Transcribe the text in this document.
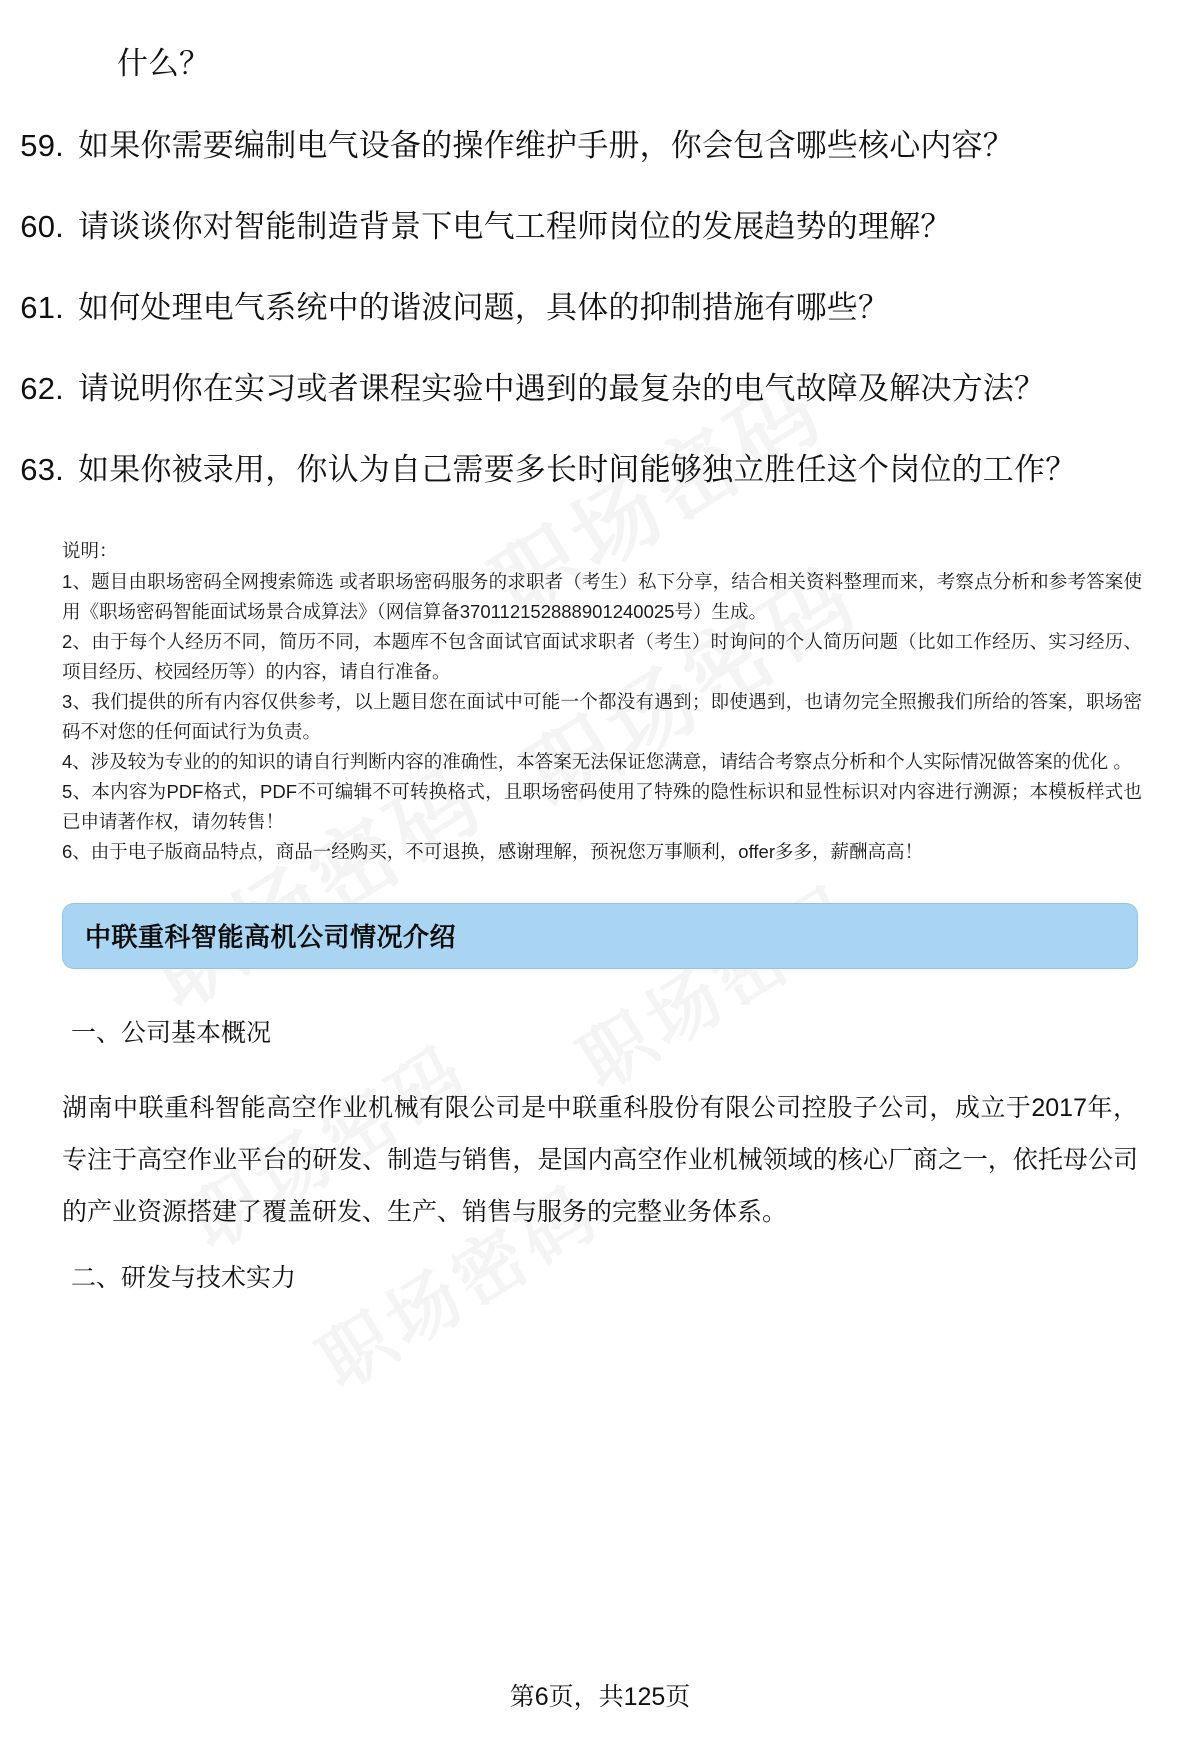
什么？
59. 如果你需要编制电气设备的操作维护手册，你会包含哪些核心内容？
60. 请谈谈你对智能制造背景下电气工程师岗位的发展趋势的理解？
61. 如何处理电气系统中的谐波问题，具体的抑制措施有哪些？
62. 请说明你在实习或者课程实验中遇到的最复杂的电气故障及解决方法？
63. 如果你被录用，你认为自己需要多长时间能够独立胜任这个岗位的工作？

说明：

1、题目由职场密码全网搜索筛选 或者职场密码服务的求职者（考生）私下分享，结合相关资料整理而来，考察点分析和参考答案使用《职场密码智能面试场景合成算法》（网信算备370112152888901240025号）生成。

2、由于每个人经历不同，简历不同，本题库不包含面试官面试求职者（考生）时询问的个人简历问题（比如工作经历、实习经历、项目经历、校园经历等）的内容，请自行准备。

3、我们提供的所有内容仅供参考，以上题目您在面试中可能一个都没有遇到；即使遇到，也请勿完全照搬我们所给的答案，职场密码不对您的任何面试行为负责。

4、涉及较为专业的的知识的请自行判断内容的准确性，本答案无法保证您满意，请结合考察点分析和个人实际情况做答案的优化 。

5、本内容为PDF格式，PDF不可编辑不可转换格式，且职场密码使用了特殊的隐性标识和显性标识对内容进行溯源；本模板样式也已申请著作权，请勿转售！

6、由于电子版商品特点，商品一经购买，不可退换，感谢理解，预祝您万事顺利，offer多多，薪酬高高！

中联重科智能高机公司情况介绍
一、公司基本概况
湖南中联重科智能高空作业机械有限公司是中联重科股份有限公司控股子公司，成立于2017年，专注于高空作业平台的研发、制造与销售，是国内高空作业机械领域的核心厂商之一，依托母公司的产业资源搭建了覆盖研发、生产、销售与服务的完整业务体系。
二、研发与技术实力
第6页，共125页
